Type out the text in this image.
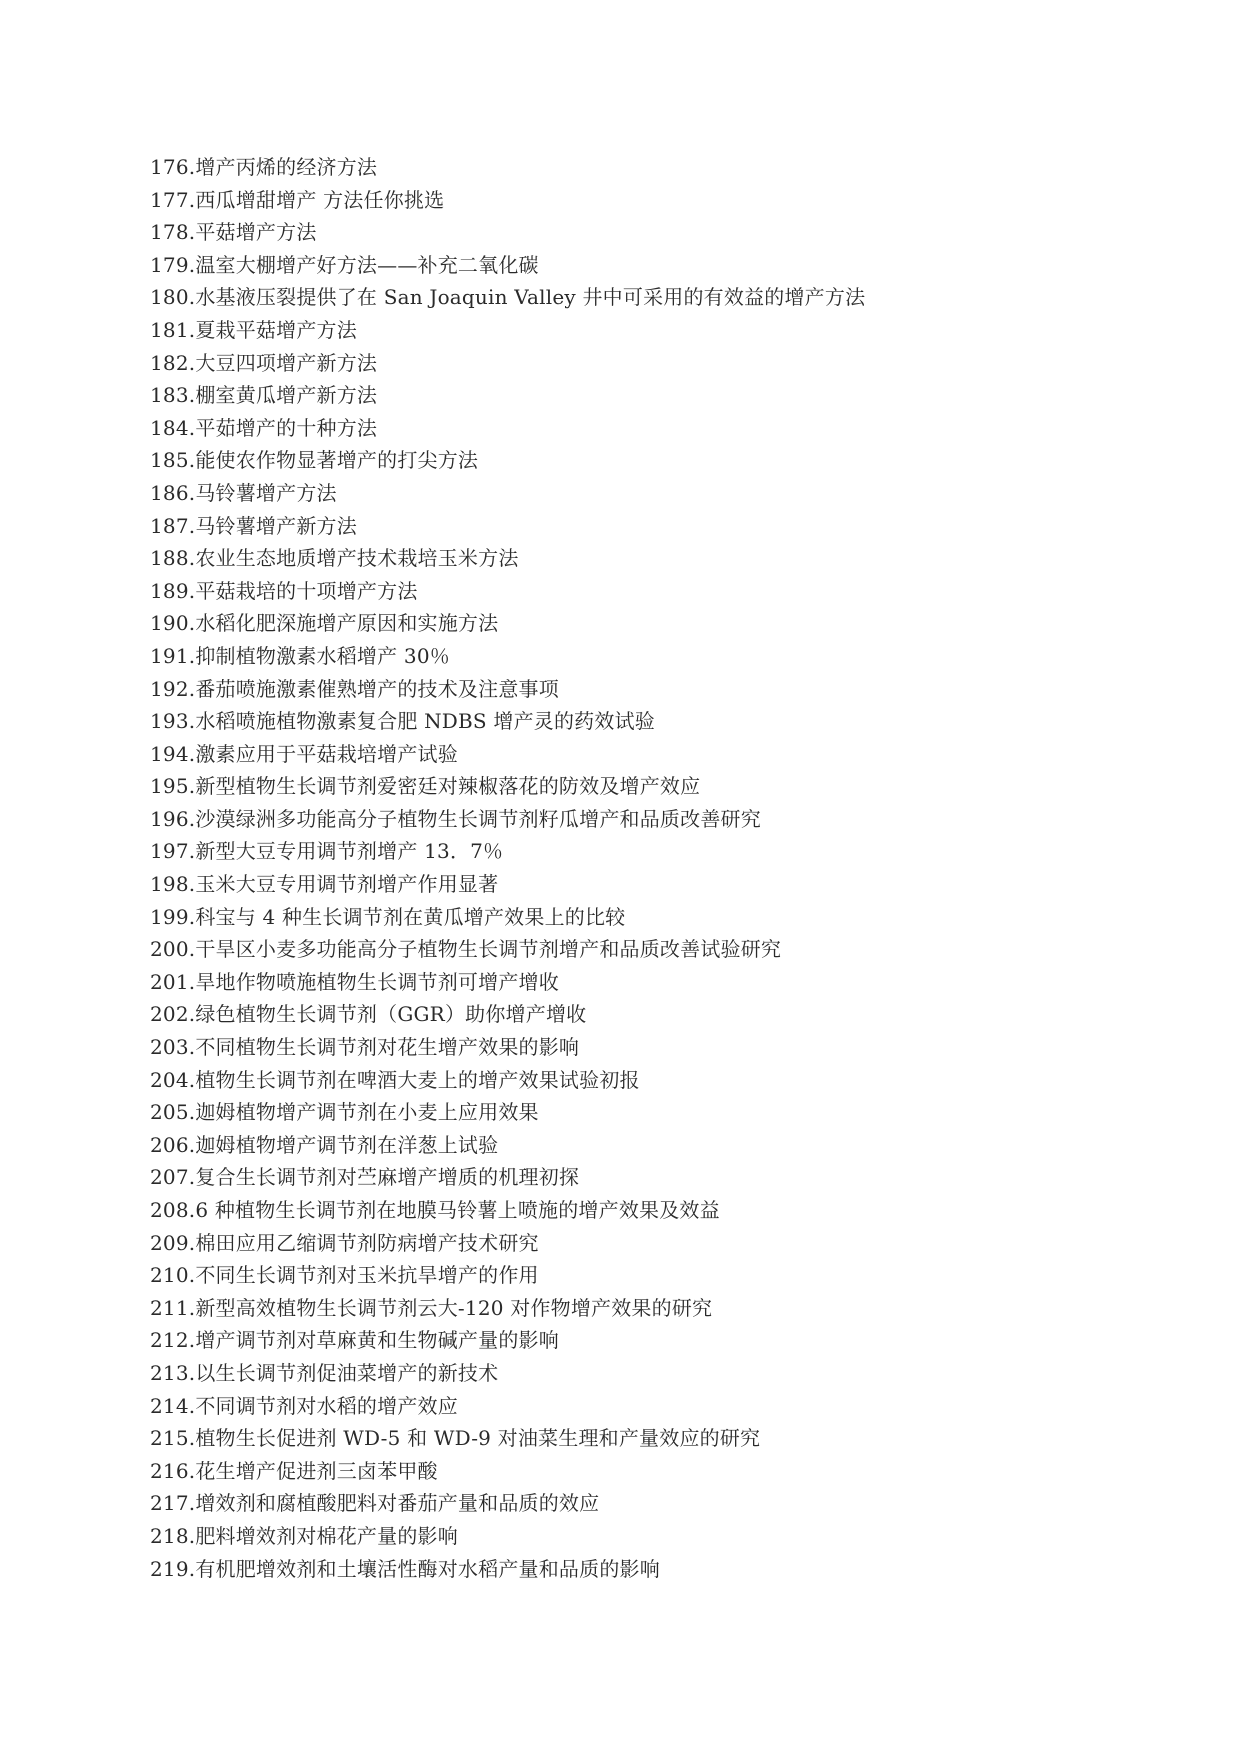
176.增产丙烯的经济方法
177.西瓜增甜增产 方法任你挑选
178.平菇增产方法
179.温室大棚增产好方法——补充二氧化碳
180.水基液压裂提供了在 San Joaquin Valley 井中可采用的有效益的增产方法
181.夏栽平菇增产方法
182.大豆四项增产新方法
183.棚室黄瓜增产新方法
184.平茹增产的十种方法
185.能使农作物显著增产的打尖方法
186.马铃薯增产方法
187.马铃薯增产新方法
188.农业生态地质增产技术栽培玉米方法
189.平菇栽培的十项增产方法
190.水稻化肥深施增产原因和实施方法
191.抑制植物激素水稻增产 30％
192.番茄喷施激素催熟增产的技术及注意事项
193.水稻喷施植物激素复合肥 NDBS 增产灵的药效试验
194.激素应用于平菇栽培增产试验
195.新型植物生长调节剂爱密廷对辣椒落花的防效及增产效应
196.沙漠绿洲多功能高分子植物生长调节剂籽瓜增产和品质改善研究
197.新型大豆专用调节剂增产 13．7％
198.玉米大豆专用调节剂增产作用显著
199.科宝与 4 种生长调节剂在黄瓜增产效果上的比较
200.干旱区小麦多功能高分子植物生长调节剂增产和品质改善试验研究
201.旱地作物喷施植物生长调节剂可增产增收
202.绿色植物生长调节剂（GGR）助你增产增收
203.不同植物生长调节剂对花生增产效果的影响
204.植物生长调节剂在啤酒大麦上的增产效果试验初报
205.迦姆植物增产调节剂在小麦上应用效果
206.迦姆植物增产调节剂在洋葱上试验
207.复合生长调节剂对苎麻增产增质的机理初探
208.6 种植物生长调节剂在地膜马铃薯上喷施的增产效果及效益
209.棉田应用乙缩调节剂防病增产技术研究
210.不同生长调节剂对玉米抗旱增产的作用
211.新型高效植物生长调节剂云大-120 对作物增产效果的研究
212.增产调节剂对草麻黄和生物碱产量的影响
213.以生长调节剂促油菜增产的新技术
214.不同调节剂对水稻的增产效应
215.植物生长促进剂 WD-5 和 WD-9 对油菜生理和产量效应的研究
216.花生增产促进剂三卤苯甲酸
217.增效剂和腐植酸肥料对番茄产量和品质的效应
218.肥料增效剂对棉花产量的影响
219.有机肥增效剂和土壤活性酶对水稻产量和品质的影响
